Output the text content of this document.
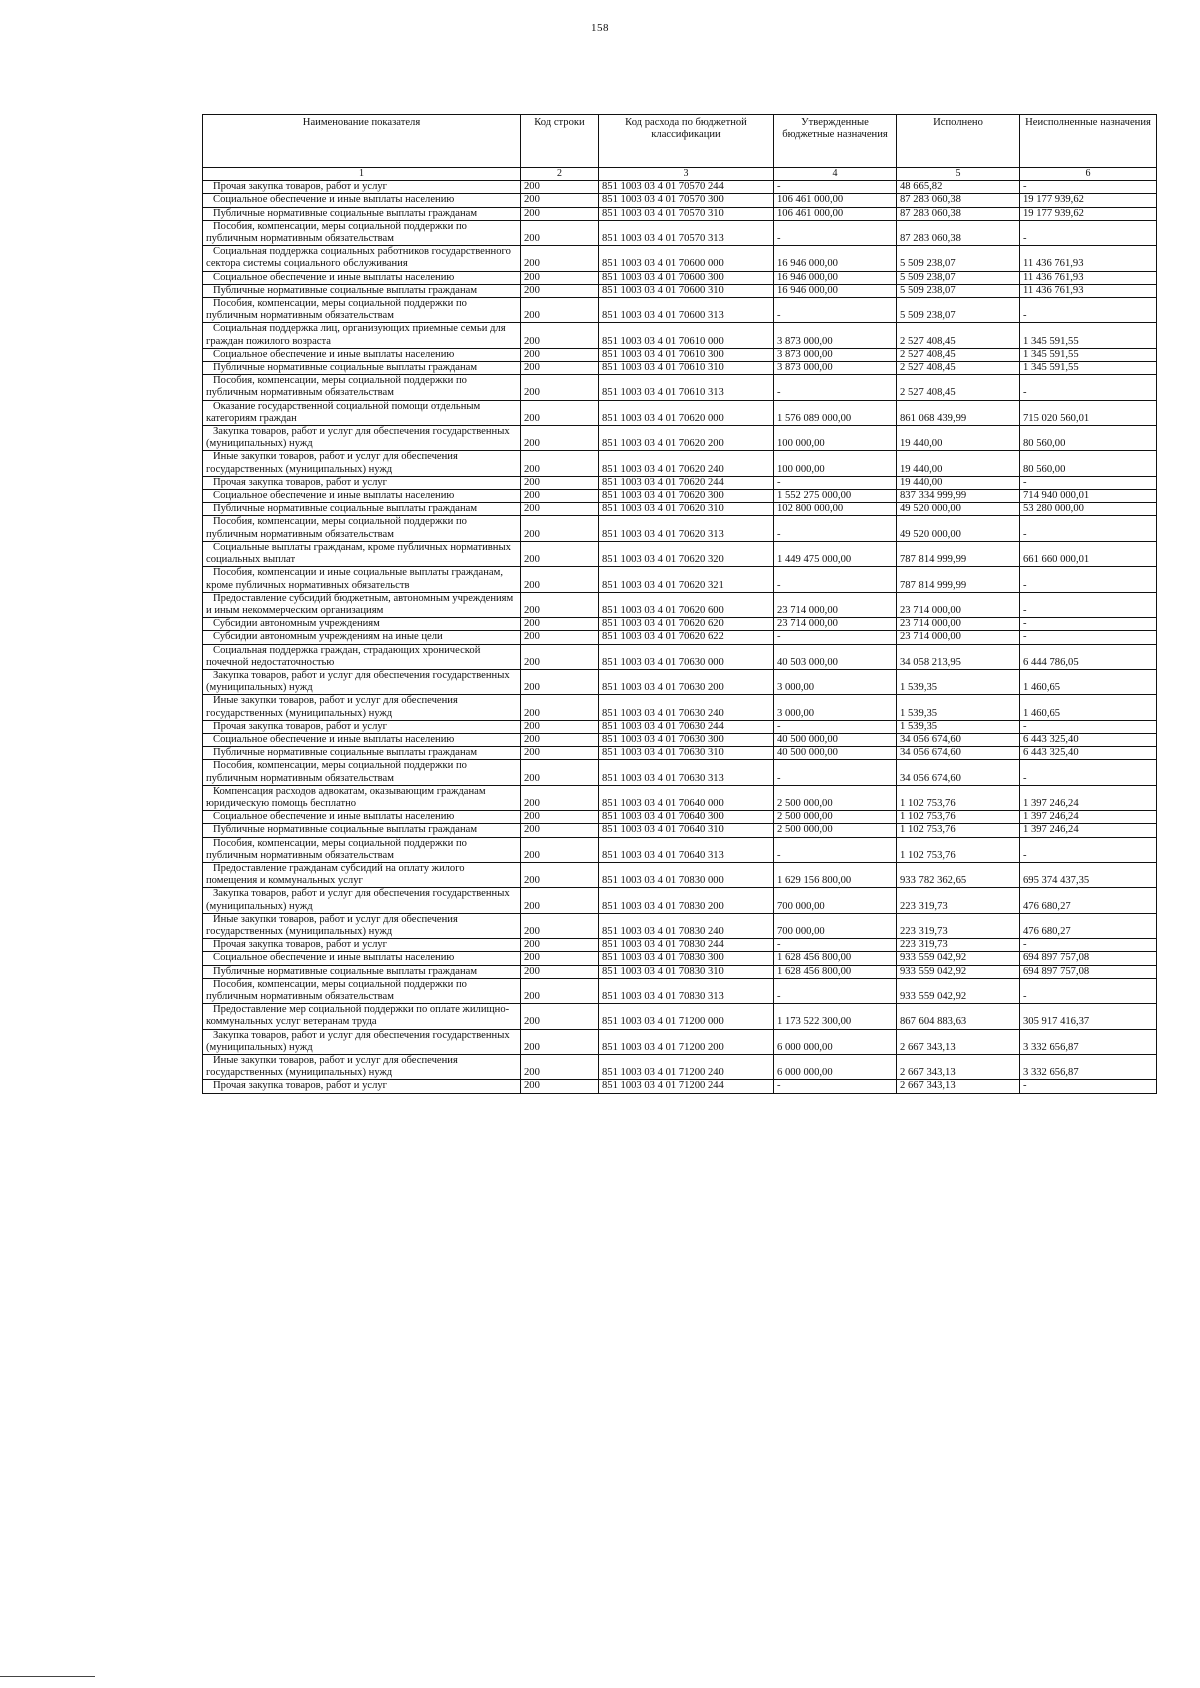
158
Наименование показателя	Код строки	Код расхода по бюджетной классификации	Утвержденные бюджетные назначения	Исполнено	Неисполненные назначения
1	2	3	4	5	6
Прочая закупка товаров, работ и услуг	200	851 1003 03 4 01 70570 244	-	48 665,82	-
Социальное обеспечение и иные выплаты населению	200	851 1003 03 4 01 70570 300	106 461 000,00	87 283 060,38	19 177 939,62
Публичные нормативные социальные выплаты гражданам	200	851 1003 03 4 01 70570 310	106 461 000,00	87 283 060,38	19 177 939,62
Пособия, компенсации, меры социальной поддержки по публичным нормативным обязательствам	200	851 1003 03 4 01 70570 313	-	87 283 060,38	-
Социальная поддержка социальных работников государственного сектора системы социального обслуживания	200	851 1003 03 4 01 70600 000	16 946 000,00	5 509 238,07	11 436 761,93
Социальное обеспечение и иные выплаты населению	200	851 1003 03 4 01 70600 300	16 946 000,00	5 509 238,07	11 436 761,93
Публичные нормативные социальные выплаты гражданам	200	851 1003 03 4 01 70600 310	16 946 000,00	5 509 238,07	11 436 761,93
Пособия, компенсации, меры социальной поддержки по публичным нормативным обязательствам	200	851 1003 03 4 01 70600 313	-	5 509 238,07	-
Социальная поддержка лиц, организующих приемные семьи для граждан пожилого возраста	200	851 1003 03 4 01 70610 000	3 873 000,00	2 527 408,45	1 345 591,55
Социальное обеспечение и иные выплаты населению	200	851 1003 03 4 01 70610 300	3 873 000,00	2 527 408,45	1 345 591,55
Публичные нормативные социальные выплаты гражданам	200	851 1003 03 4 01 70610 310	3 873 000,00	2 527 408,45	1 345 591,55
Пособия, компенсации, меры социальной поддержки по публичным нормативным обязательствам	200	851 1003 03 4 01 70610 313	-	2 527 408,45	-
Оказание государственной социальной помощи отдельным категориям граждан	200	851 1003 03 4 01 70620 000	1 576 089 000,00	861 068 439,99	715 020 560,01
Закупка товаров, работ и услуг для обеспечения государственных (муниципальных) нужд	200	851 1003 03 4 01 70620 200	100 000,00	19 440,00	80 560,00
Иные закупки товаров, работ и услуг для обеспечения государственных (муниципальных) нужд	200	851 1003 03 4 01 70620 240	100 000,00	19 440,00	80 560,00
Прочая закупка товаров, работ и услуг	200	851 1003 03 4 01 70620 244	-	19 440,00	-
Социальное обеспечение и иные выплаты населению	200	851 1003 03 4 01 70620 300	1 552 275 000,00	837 334 999,99	714 940 000,01
Публичные нормативные социальные выплаты гражданам	200	851 1003 03 4 01 70620 310	102 800 000,00	49 520 000,00	53 280 000,00
Пособия, компенсации, меры социальной поддержки по публичным нормативным обязательствам	200	851 1003 03 4 01 70620 313	-	49 520 000,00	-
Социальные выплаты гражданам, кроме публичных нормативных социальных выплат	200	851 1003 03 4 01 70620 320	1 449 475 000,00	787 814 999,99	661 660 000,01
Пособия, компенсации и иные социальные выплаты гражданам, кроме публичных нормативных обязательств	200	851 1003 03 4 01 70620 321	-	787 814 999,99	-
Предоставление субсидий бюджетным, автономным учреждениям и иным некоммерческим организациям	200	851 1003 03 4 01 70620 600	23 714 000,00	23 714 000,00	-
Субсидии автономным учреждениям	200	851 1003 03 4 01 70620 620	23 714 000,00	23 714 000,00	-
Субсидии автономным учреждениям на иные цели	200	851 1003 03 4 01 70620 622	-	23 714 000,00	-
Социальная поддержка граждан, страдающих хронической почечной недостаточностью	200	851 1003 03 4 01 70630 000	40 503 000,00	34 058 213,95	6 444 786,05
Закупка товаров, работ и услуг для обеспечения государственных (муниципальных) нужд	200	851 1003 03 4 01 70630 200	3 000,00	1 539,35	1 460,65
Иные закупки товаров, работ и услуг для обеспечения государственных (муниципальных) нужд	200	851 1003 03 4 01 70630 240	3 000,00	1 539,35	1 460,65
Прочая закупка товаров, работ и услуг	200	851 1003 03 4 01 70630 244	-	1 539,35	-
Социальное обеспечение и иные выплаты населению	200	851 1003 03 4 01 70630 300	40 500 000,00	34 056 674,60	6 443 325,40
Публичные нормативные социальные выплаты гражданам	200	851 1003 03 4 01 70630 310	40 500 000,00	34 056 674,60	6 443 325,40
Пособия, компенсации, меры социальной поддержки по публичным нормативным обязательствам	200	851 1003 03 4 01 70630 313	-	34 056 674,60	-
Компенсация расходов адвокатам, оказывающим гражданам юридическую помощь бесплатно	200	851 1003 03 4 01 70640 000	2 500 000,00	1 102 753,76	1 397 246,24
Социальное обеспечение и иные выплаты населению	200	851 1003 03 4 01 70640 300	2 500 000,00	1 102 753,76	1 397 246,24
Публичные нормативные социальные выплаты гражданам	200	851 1003 03 4 01 70640 310	2 500 000,00	1 102 753,76	1 397 246,24
Пособия, компенсации, меры социальной поддержки по публичным нормативным обязательствам	200	851 1003 03 4 01 70640 313	-	1 102 753,76	-
Предоставление гражданам субсидий на оплату жилого помещения и коммунальных услуг	200	851 1003 03 4 01 70830 000	1 629 156 800,00	933 782 362,65	695 374 437,35
Закупка товаров, работ и услуг для обеспечения государственных (муниципальных) нужд	200	851 1003 03 4 01 70830 200	700 000,00	223 319,73	476 680,27
Иные закупки товаров, работ и услуг для обеспечения государственных (муниципальных) нужд	200	851 1003 03 4 01 70830 240	700 000,00	223 319,73	476 680,27
Прочая закупка товаров, работ и услуг	200	851 1003 03 4 01 70830 244	-	223 319,73	-
Социальное обеспечение и иные выплаты населению	200	851 1003 03 4 01 70830 300	1 628 456 800,00	933 559 042,92	694 897 757,08
Публичные нормативные социальные выплаты гражданам	200	851 1003 03 4 01 70830 310	1 628 456 800,00	933 559 042,92	694 897 757,08
Пособия, компенсации, меры социальной поддержки по публичным нормативным обязательствам	200	851 1003 03 4 01 70830 313	-	933 559 042,92	-
Предоставление мер социальной поддержки по оплате жилищно-коммунальных услуг ветеранам труда	200	851 1003 03 4 01 71200 000	1 173 522 300,00	867 604 883,63	305 917 416,37
Закупка товаров, работ и услуг для обеспечения государственных (муниципальных) нужд	200	851 1003 03 4 01 71200 200	6 000 000,00	2 667 343,13	3 332 656,87
Иные закупки товаров, работ и услуг для обеспечения государственных (муниципальных) нужд	200	851 1003 03 4 01 71200 240	6 000 000,00	2 667 343,13	3 332 656,87
Прочая закупка товаров, работ и услуг	200	851 1003 03 4 01 71200 244	-	2 667 343,13	-
